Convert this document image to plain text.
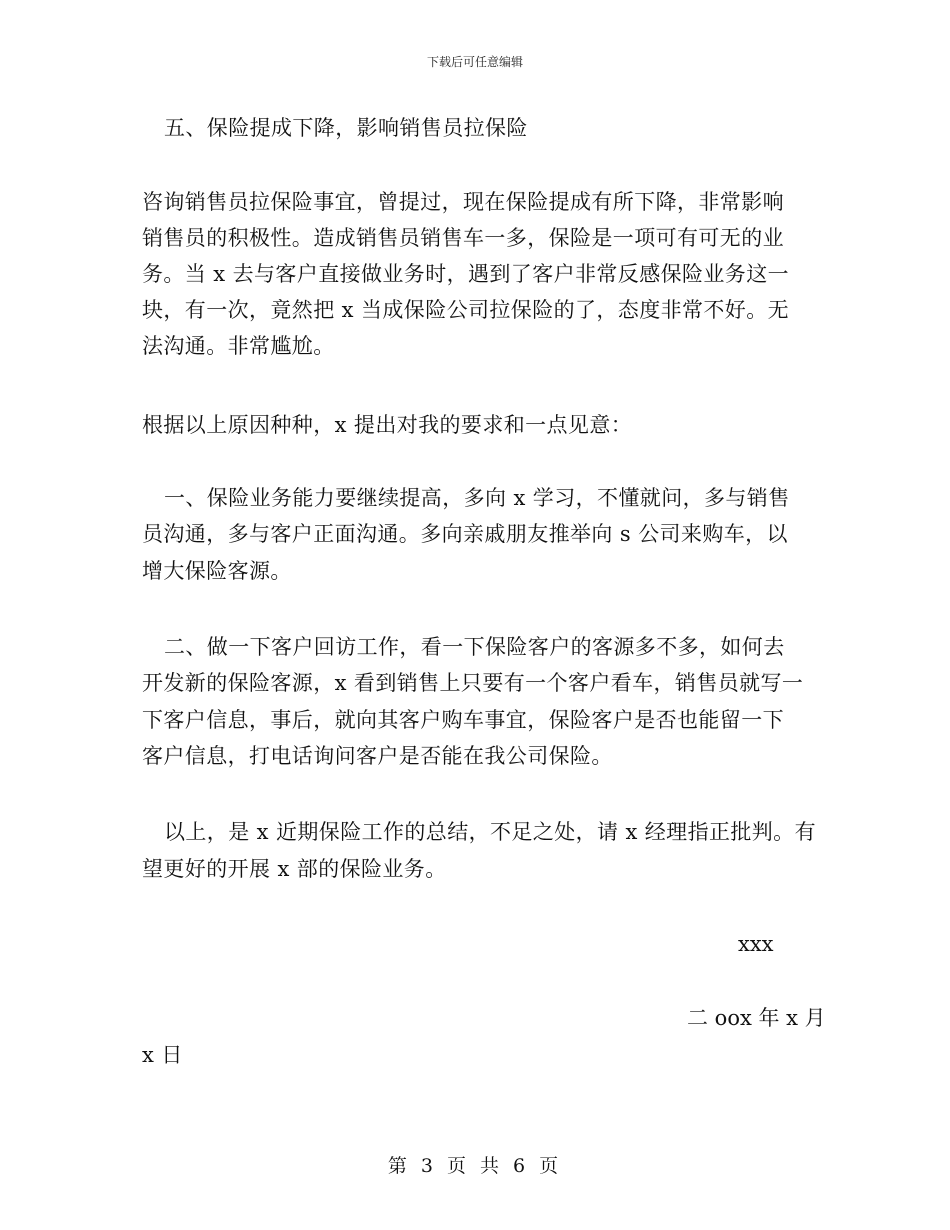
下载后可任意编辑
五、保险提成下降，影响销售员拉保险
咨询销售员拉保险事宜，曾提过，现在保险提成有所下降，非常影响
销售员的积极性。造成销售员销售车一多，保险是一项可有可无的业
务。当 x 去与客户直接做业务时，遇到了客户非常反感保险业务这一
块，有一次，竟然把 x 当成保险公司拉保险的了，态度非常不好。无
法沟通。非常尴尬。
根据以上原因种种，x 提出对我的要求和一点见意：
一、保险业务能力要继续提高，多向 x 学习，不懂就问，多与销售
员沟通，多与客户正面沟通。多向亲戚朋友推举向 s 公司来购车，以
增大保险客源。
二、做一下客户回访工作，看一下保险客户的客源多不多，如何去
开发新的保险客源，x 看到销售上只要有一个客户看车，销售员就写一
下客户信息，事后，就向其客户购车事宜，保险客户是否也能留一下
客户信息，打电话询问客户是否能在我公司保险。
以上，是 x 近期保险工作的总结，不足之处，请 x 经理指正批判。有
望更好的开展 x 部的保险业务。
xxx
二 oox 年 x 月
x 日
第 3 页 共 6 页
